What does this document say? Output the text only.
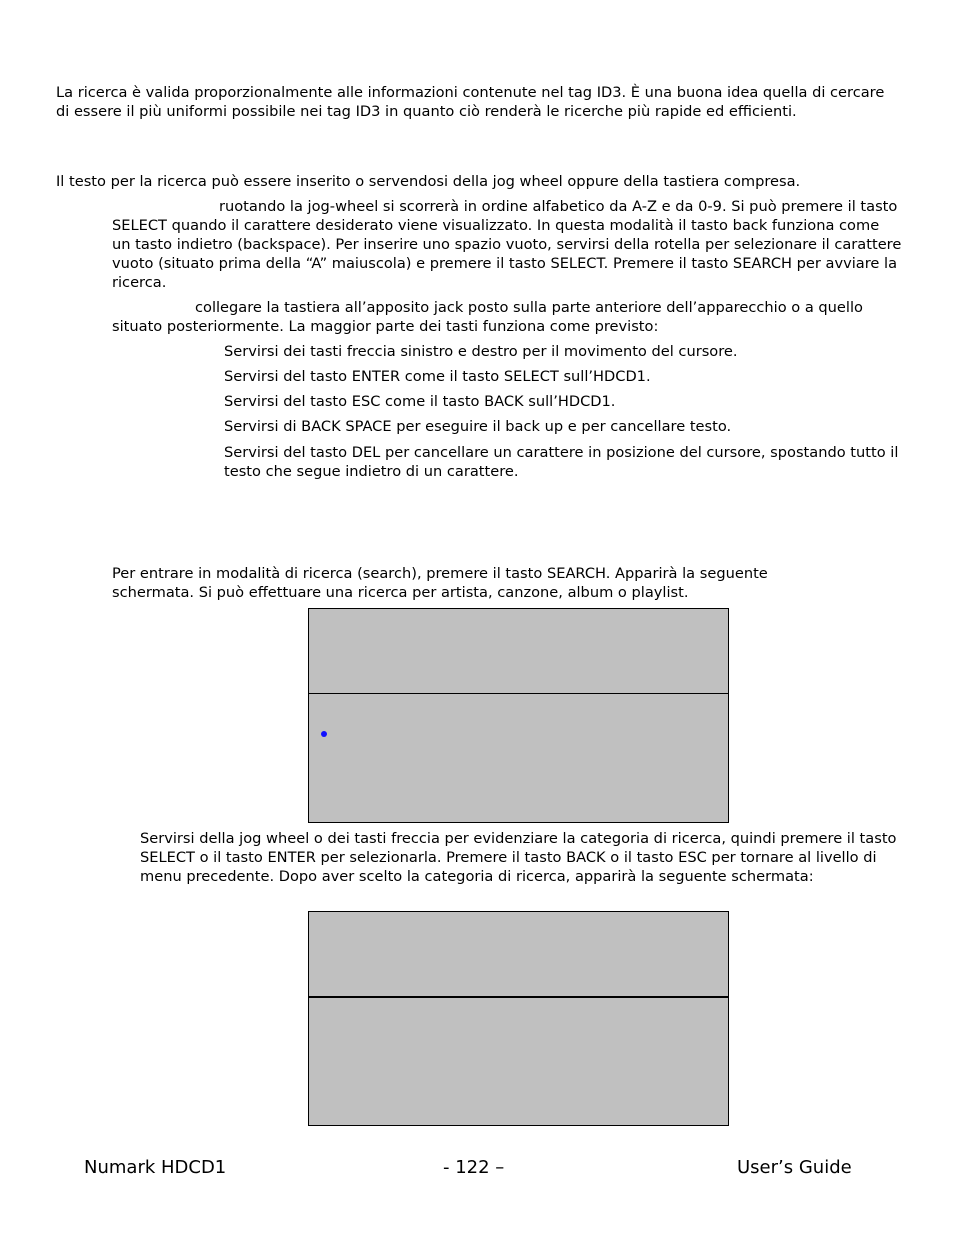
La ricerca è valida proporzionalmente alle informazioni contenute nel tag ID3. È una buona idea quella di cercare di essere il più uniformi possibile nei tag ID3 in quanto ciò renderà le ricerche più rapide ed efficienti.

Il testo per la ricerca può essere inserito o servendosi della jog wheel oppure della tastiera compresa.

ruotando la jog-wheel si scorrerà in ordine alfabetico da A-Z e da 0-9. Si può premere il tasto SELECT quando il carattere desiderato viene visualizzato. In questa modalità il tasto back funziona come un tasto indietro (backspace). Per inserire uno spazio vuoto, servirsi della rotella per selezionare il carattere vuoto (situato prima della “A” maiuscola) e premere il tasto SELECT. Premere il tasto SEARCH per avviare la ricerca.

collegare la tastiera all’apposito jack posto sulla parte anteriore dell’apparecchio o a quello situato posteriormente. La maggior parte dei tasti funziona come previsto:

Servirsi dei tasti freccia sinistro e destro per il movimento del cursore.

Servirsi del tasto ENTER come il tasto SELECT sull’HDCD1.

Servirsi del tasto ESC come il tasto BACK sull’HDCD1.

Servirsi di BACK SPACE per eseguire il back up e per cancellare testo.

Servirsi del tasto DEL per cancellare un carattere in posizione del cursore, spostando tutto il testo che segue indietro di un carattere.

Per entrare in modalità di ricerca (search), premere il tasto SEARCH. Apparirà la seguente schermata. Si può effettuare una ricerca per artista, canzone, album o playlist.

Servirsi della jog wheel o dei tasti freccia per evidenziare la categoria di ricerca, quindi premere il tasto SELECT o il tasto ENTER per selezionarla. Premere il tasto BACK o il tasto ESC per tornare al livello di menu precedente. Dopo aver scelto la categoria di ricerca, apparirà la seguente schermata:

Numark HDCD1	- 122 –	User’s Guide
